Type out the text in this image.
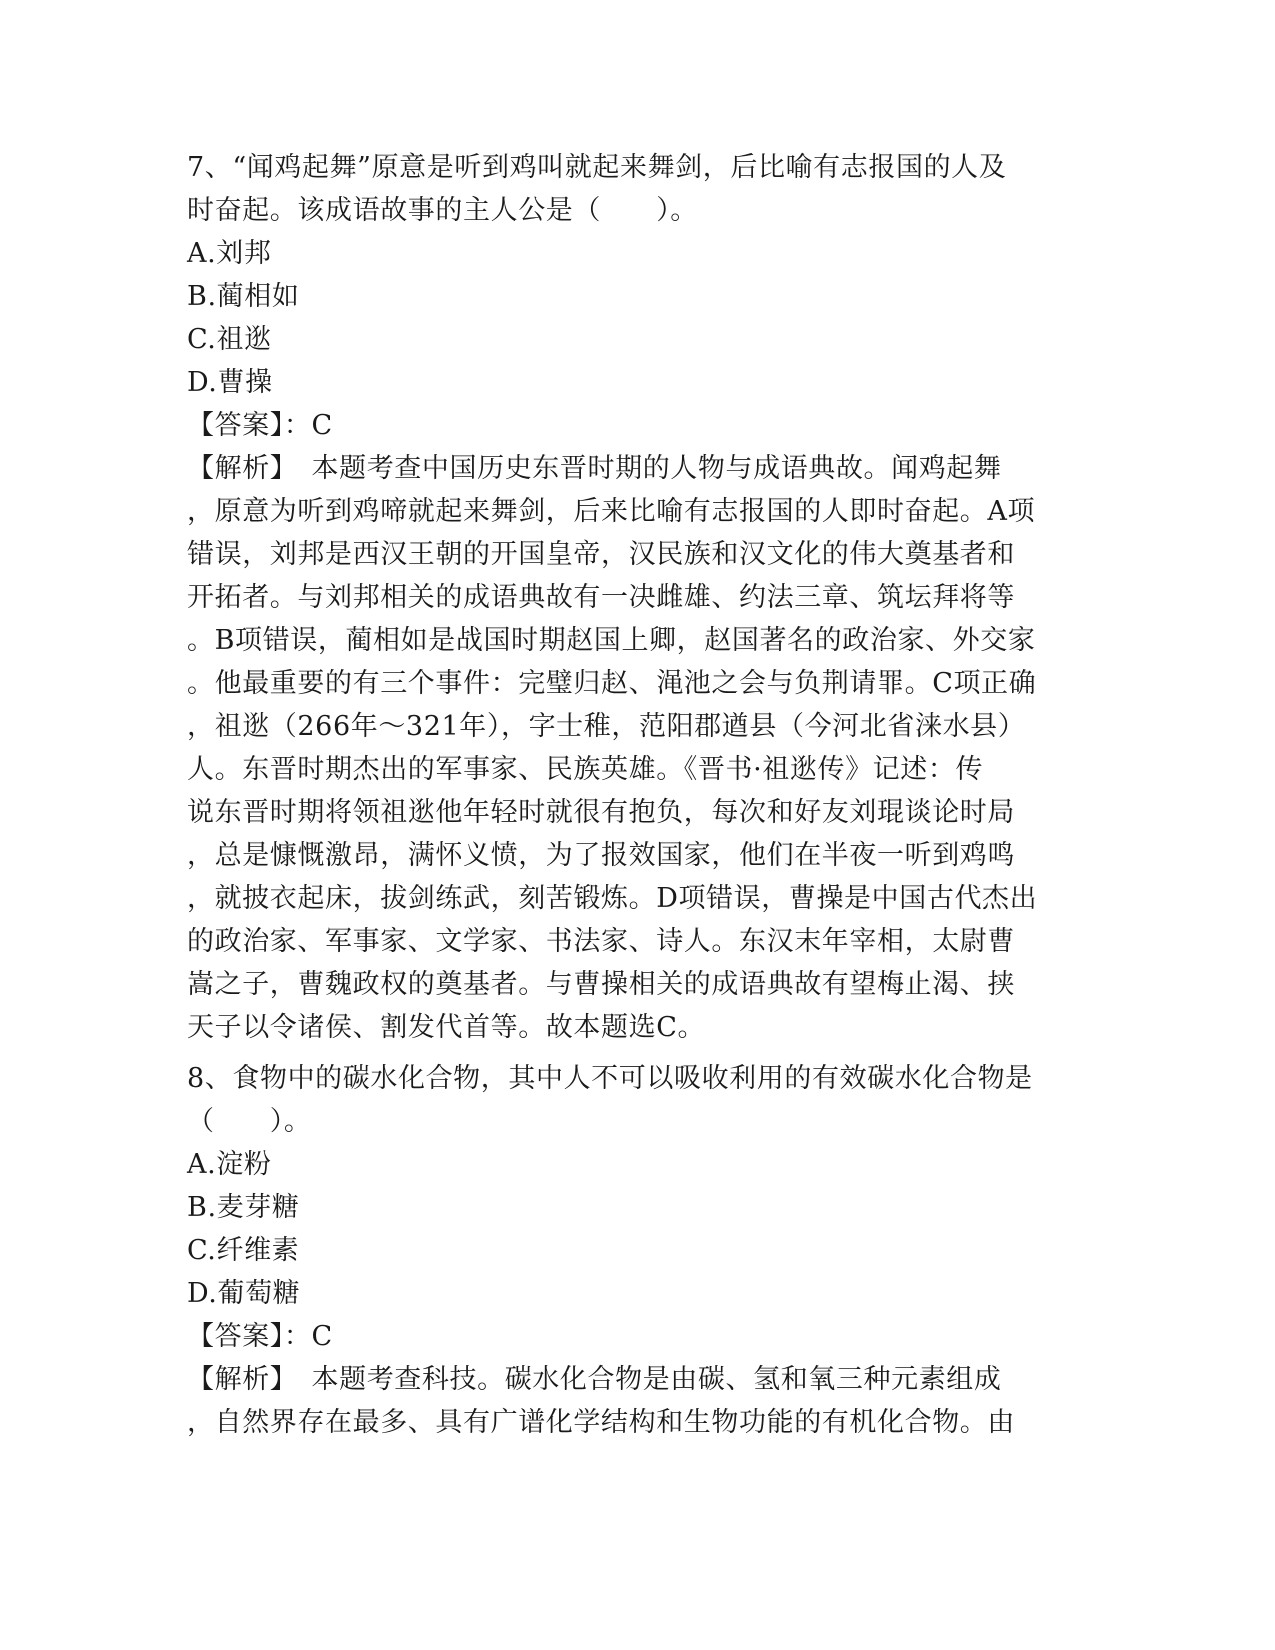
7、“闻鸡起舞”原意是听到鸡叫就起来舞剑，后比喻有志报国的人及
时奋起。该成语故事的主人公是（　　）。
A.刘邦
B.蔺相如
C.祖逖
D.曹操
【答案】：C
【解析】　本题考查中国历史东晋时期的人物与成语典故。闻鸡起舞
，原意为听到鸡啼就起来舞剑，后来比喻有志报国的人即时奋起。A项
错误，刘邦是西汉王朝的开国皇帝，汉民族和汉文化的伟大奠基者和
开拓者。与刘邦相关的成语典故有一决雌雄、约法三章、筑坛拜将等
。B项错误，蔺相如是战国时期赵国上卿，赵国著名的政治家、外交家
。他最重要的有三个事件：完璧归赵、渑池之会与负荆请罪。C项正确
，祖逖（266年～321年），字士稚，范阳郡遒县（今河北省涞水县）
人。东晋时期杰出的军事家、民族英雄。《晋书·祖逖传》记述：传
说东晋时期将领祖逖他年轻时就很有抱负，每次和好友刘琨谈论时局
，总是慷慨激昂，满怀义愤，为了报效国家，他们在半夜一听到鸡鸣
，就披衣起床，拔剑练武，刻苦锻炼。D项错误，曹操是中国古代杰出
的政治家、军事家、文学家、书法家、诗人。东汉末年宰相，太尉曹
嵩之子，曹魏政权的奠基者。与曹操相关的成语典故有望梅止渴、挟
天子以令诸侯、割发代首等。故本题选C。
8、食物中的碳水化合物，其中人不可以吸收利用的有效碳水化合物是
（　　）。
A.淀粉
B.麦芽糖
C.纤维素
D.葡萄糖
【答案】：C
【解析】　本题考查科技。碳水化合物是由碳、氢和氧三种元素组成
，自然界存在最多、具有广谱化学结构和生物功能的有机化合物。由
